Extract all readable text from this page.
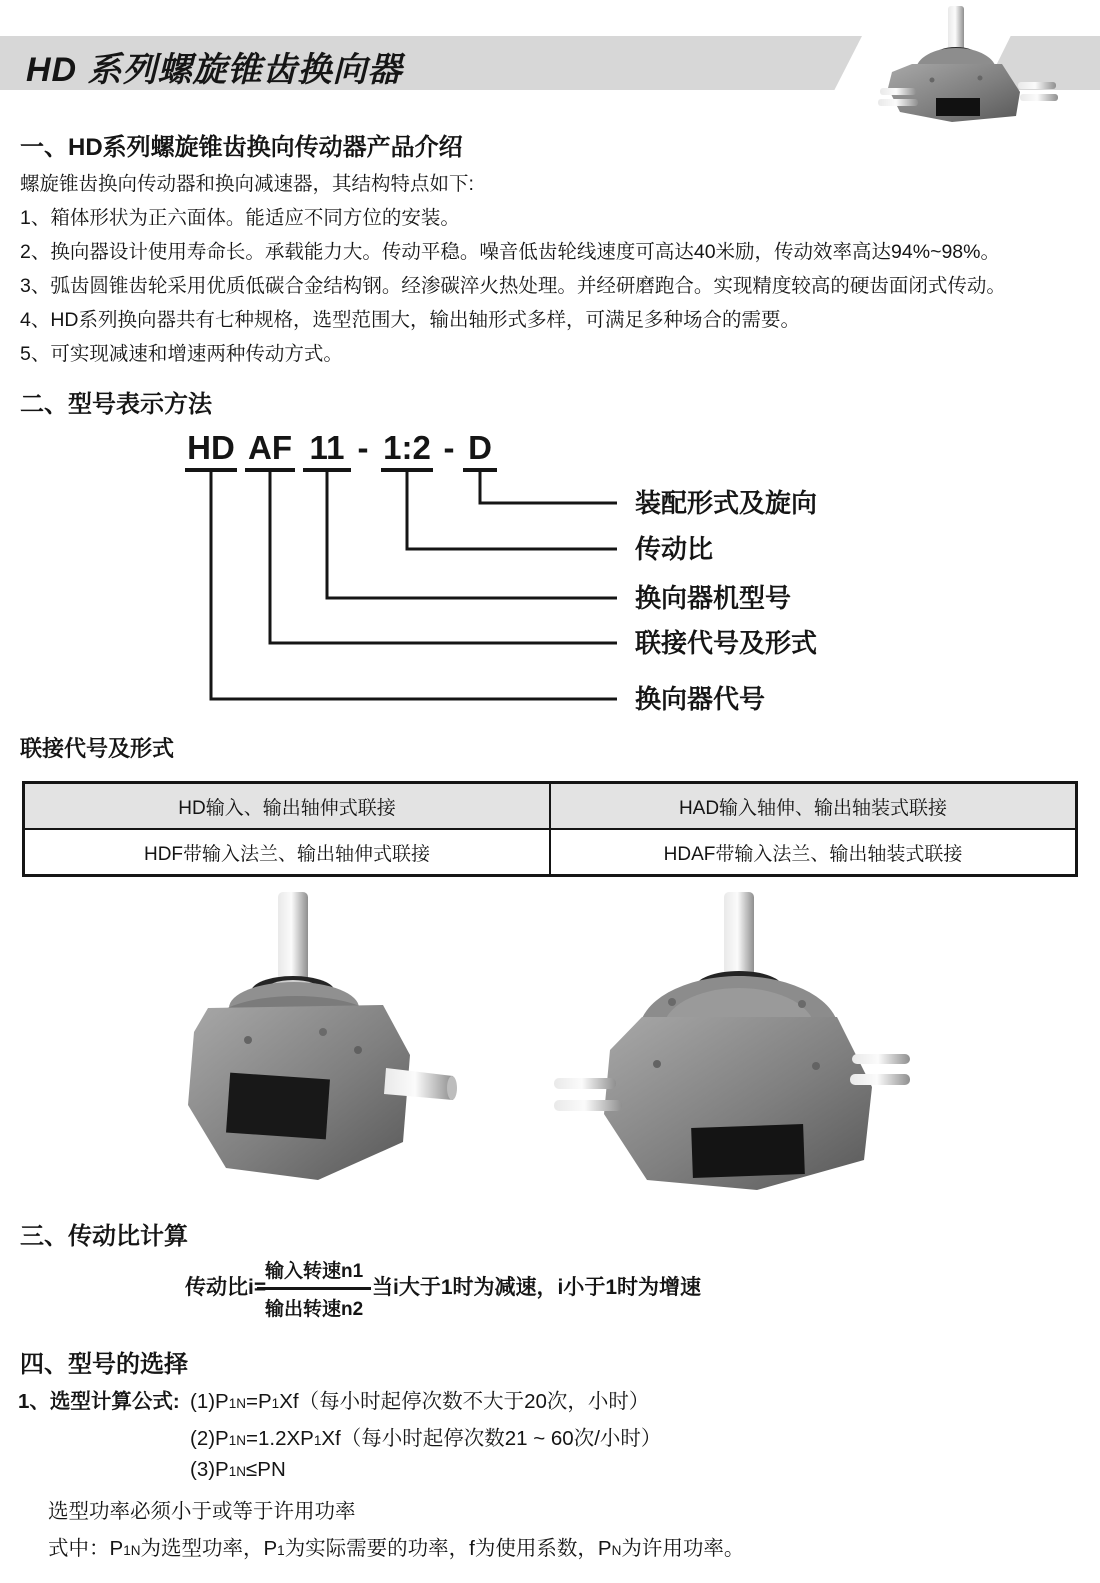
HD 系列螺旋锥齿换向器
一、HD系列螺旋锥齿换向传动器产品介绍

螺旋锥齿换向传动器和换向减速器，其结构特点如下:

1、箱体形状为正六面体。能适应不同方位的安装。

2、换向器设计使用寿命长。承载能力大。传动平稳。噪音低齿轮线速度可高达40米励，传动效率高达94%~98%。

3、弧齿圆锥齿轮采用优质低碳合金结构钢。经渗碳淬火热处理。并经研磨跑合。实现精度较高的硬齿面闭式传动。

4、HD系列换向器共有七种规格，选型范围大，输出轴形式多样，可满足多种场合的需要。

5、可实现减速和增速两种传动方式。

二、型号表示方法
HD AF 11 - 1:2 - D

装配形式及旋向

传动比

换向器机型号

联接代号及形式

换向器代号

联接代号及形式
HD输入、输出轴伸式联接	HAD输入轴伸、输出轴装式联接
HDF带输入法兰、输出轴伸式联接	HDAF带输入法兰、输出轴装式联接
三、传动比计算
传动比i=
输入转速n1
输出转速n2
当i大于1时为减速，i小于1时为增速
四、型号的选择

1、选型计算公式: (1)P1N=P1Xf（每小时起停次数不大于20次，小时）

(2)P1N=1.2XP1Xf（每小时起停次数21 ~ 60次/小时）

(3)P1N≤PN

选型功率必须小于或等于许用功率

式中：P1N为选型功率，P1为实际需要的功率，f为使用系数，PN为许用功率。
